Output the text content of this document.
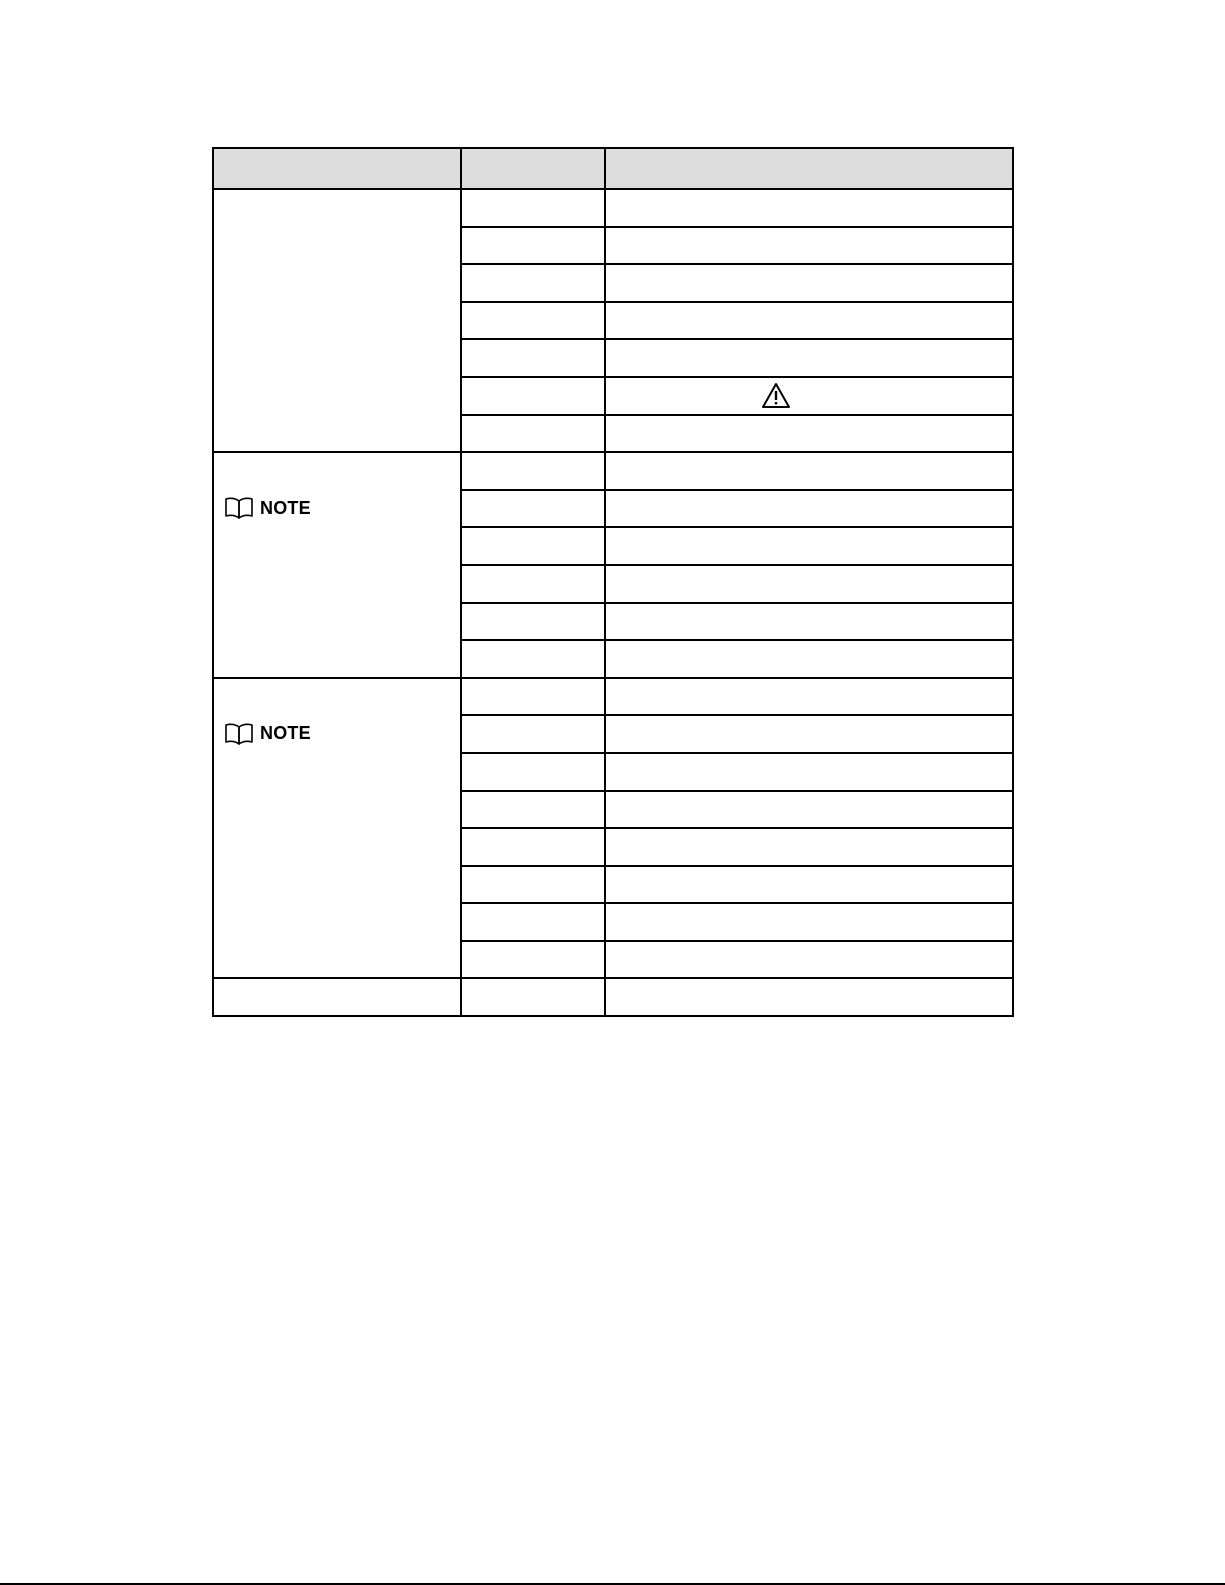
NOTE		

NOTE		
